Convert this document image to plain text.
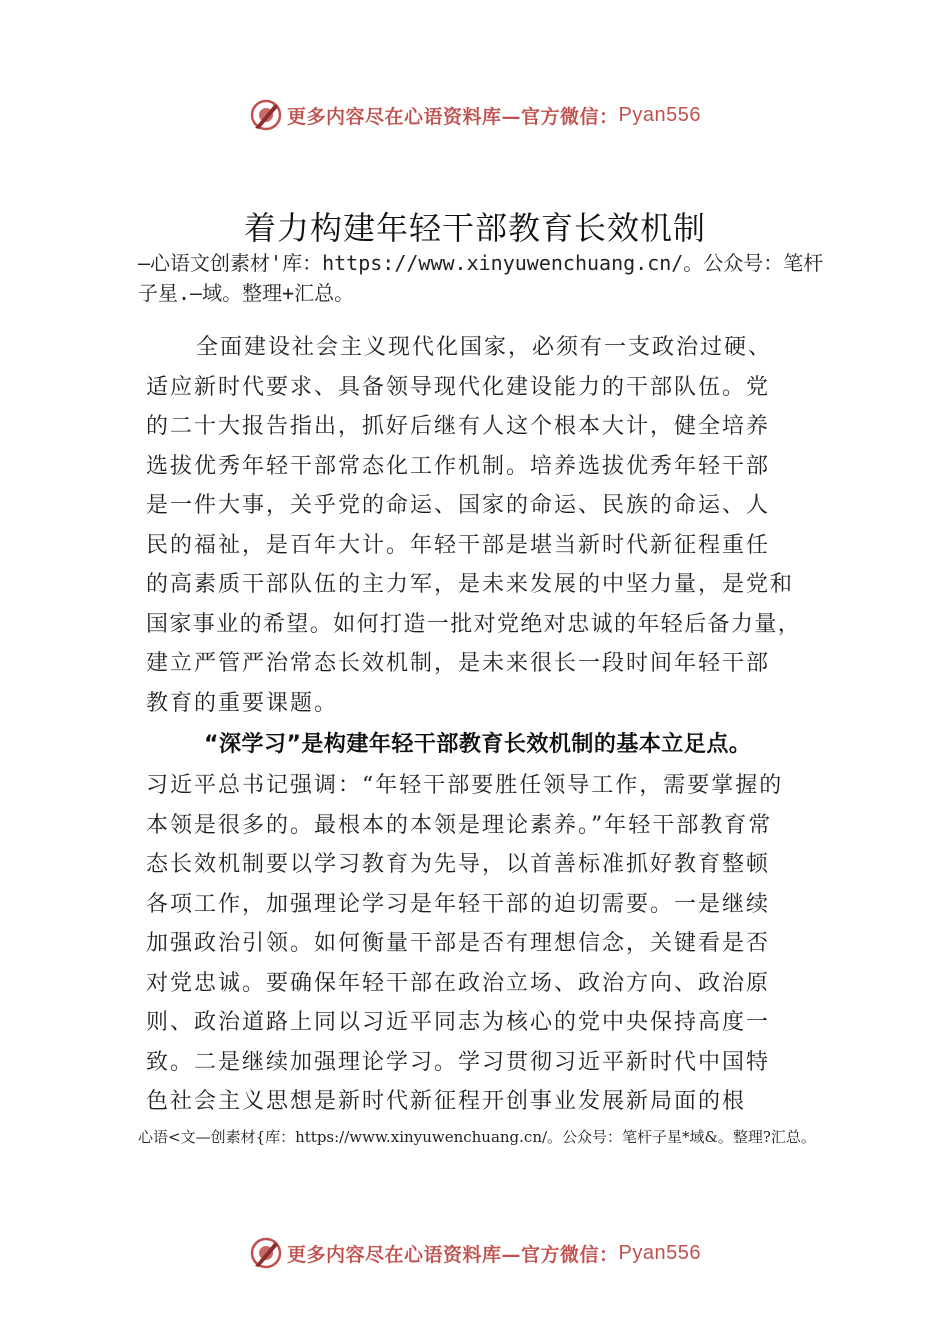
更多内容尽在心语资料库—官方微信： Pyan556
着力构建年轻干部教育长效机制

—心语文创素材'库：https://www.xinyuwenchuang.cn/。公众号：笔杆子星.—域。整理+汇总。

全面建设社会主义现代化国家，必须有一支政治过硬、

适应新时代要求、具备领导现代化建设能力的干部队伍。党

的二十大报告指出，抓好后继有人这个根本大计，健全培养

选拔优秀年轻干部常态化工作机制。培养选拔优秀年轻干部

是一件大事，关乎党的命运、国家的命运、民族的命运、人

民的福祉，是百年大计。年轻干部是堪当新时代新征程重任

的高素质干部队伍的主力军，是未来发展的中坚力量，是党和

国家事业的希望。如何打造一批对党绝对忠诚的年轻后备力量，

建立严管严治常态长效机制，是未来很长一段时间年轻干部

教育的重要课题。

“深学习”是构建年轻干部教育长效机制的基本立足点。

习近平总书记强调：“年轻干部要胜任领导工作，需要掌握的

本领是很多的。最根本的本领是理论素养。”年轻干部教育常

态长效机制要以学习教育为先导，以首善标准抓好教育整顿

各项工作，加强理论学习是年轻干部的迫切需要。一是继续

加强政治引领。如何衡量干部是否有理想信念，关键看是否

对党忠诚。要确保年轻干部在政治立场、政治方向、政治原

则、政治道路上同以习近平同志为核心的党中央保持高度一

致。二是继续加强理论学习。学习贯彻习近平新时代中国特

色社会主义思想是新时代新征程开创事业发展新局面的根

心语<文—创素材{库：https://www.xinyuwenchuang.cn/。公众号：笔杆子星*域&。整理?汇总。

更多内容尽在心语资料库—官方微信： Pyan556
